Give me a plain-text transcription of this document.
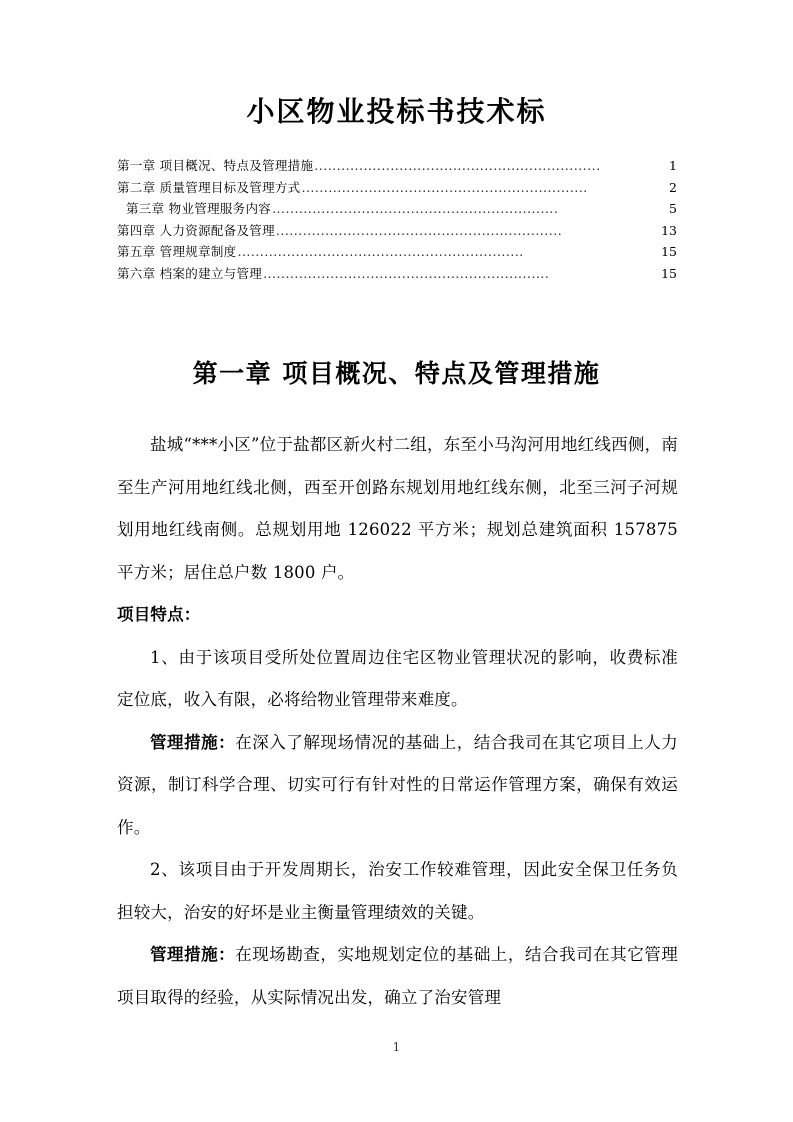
小区物业投标书技术标
第一章 项目概况、特点及管理措施 ................................................................	1
第二章 质量管理目标及管理方式 ................................................................	2
第三章 物业管理服务内容 ................................................................	5
第四章 人力资源配备及管理 ................................................................	13
第五章 管理规章制度 ................................................................	15
第六章 档案的建立与管理 ................................................................	15
第一章 项目概况、特点及管理措施

盐城“***小区”位于盐都区新火村二组，东至小马沟河用地红线西侧，南至生产河用地红线北侧，西至开创路东规划用地红线东侧，北至三河子河规划用地红线南侧。总规划用地 126022 平方米；规划总建筑面积 157875 平方米；居住总户数 1800 户。

项目特点：

1、由于该项目受所处位置周边住宅区物业管理状况的影响，收费标准定位底，收入有限，必将给物业管理带来难度。

管理措施：在深入了解现场情况的基础上，结合我司在其它项目上人力资源，制订科学合理、切实可行有针对性的日常运作管理方案，确保有效运作。

2、该项目由于开发周期长，治安工作较难管理，因此安全保卫任务负担较大，治安的好坏是业主衡量管理绩效的关键。

管理措施：在现场勘查，实地规划定位的基础上，结合我司在其它管理项目取得的经验，从实际情况出发，确立了治安管理

1
